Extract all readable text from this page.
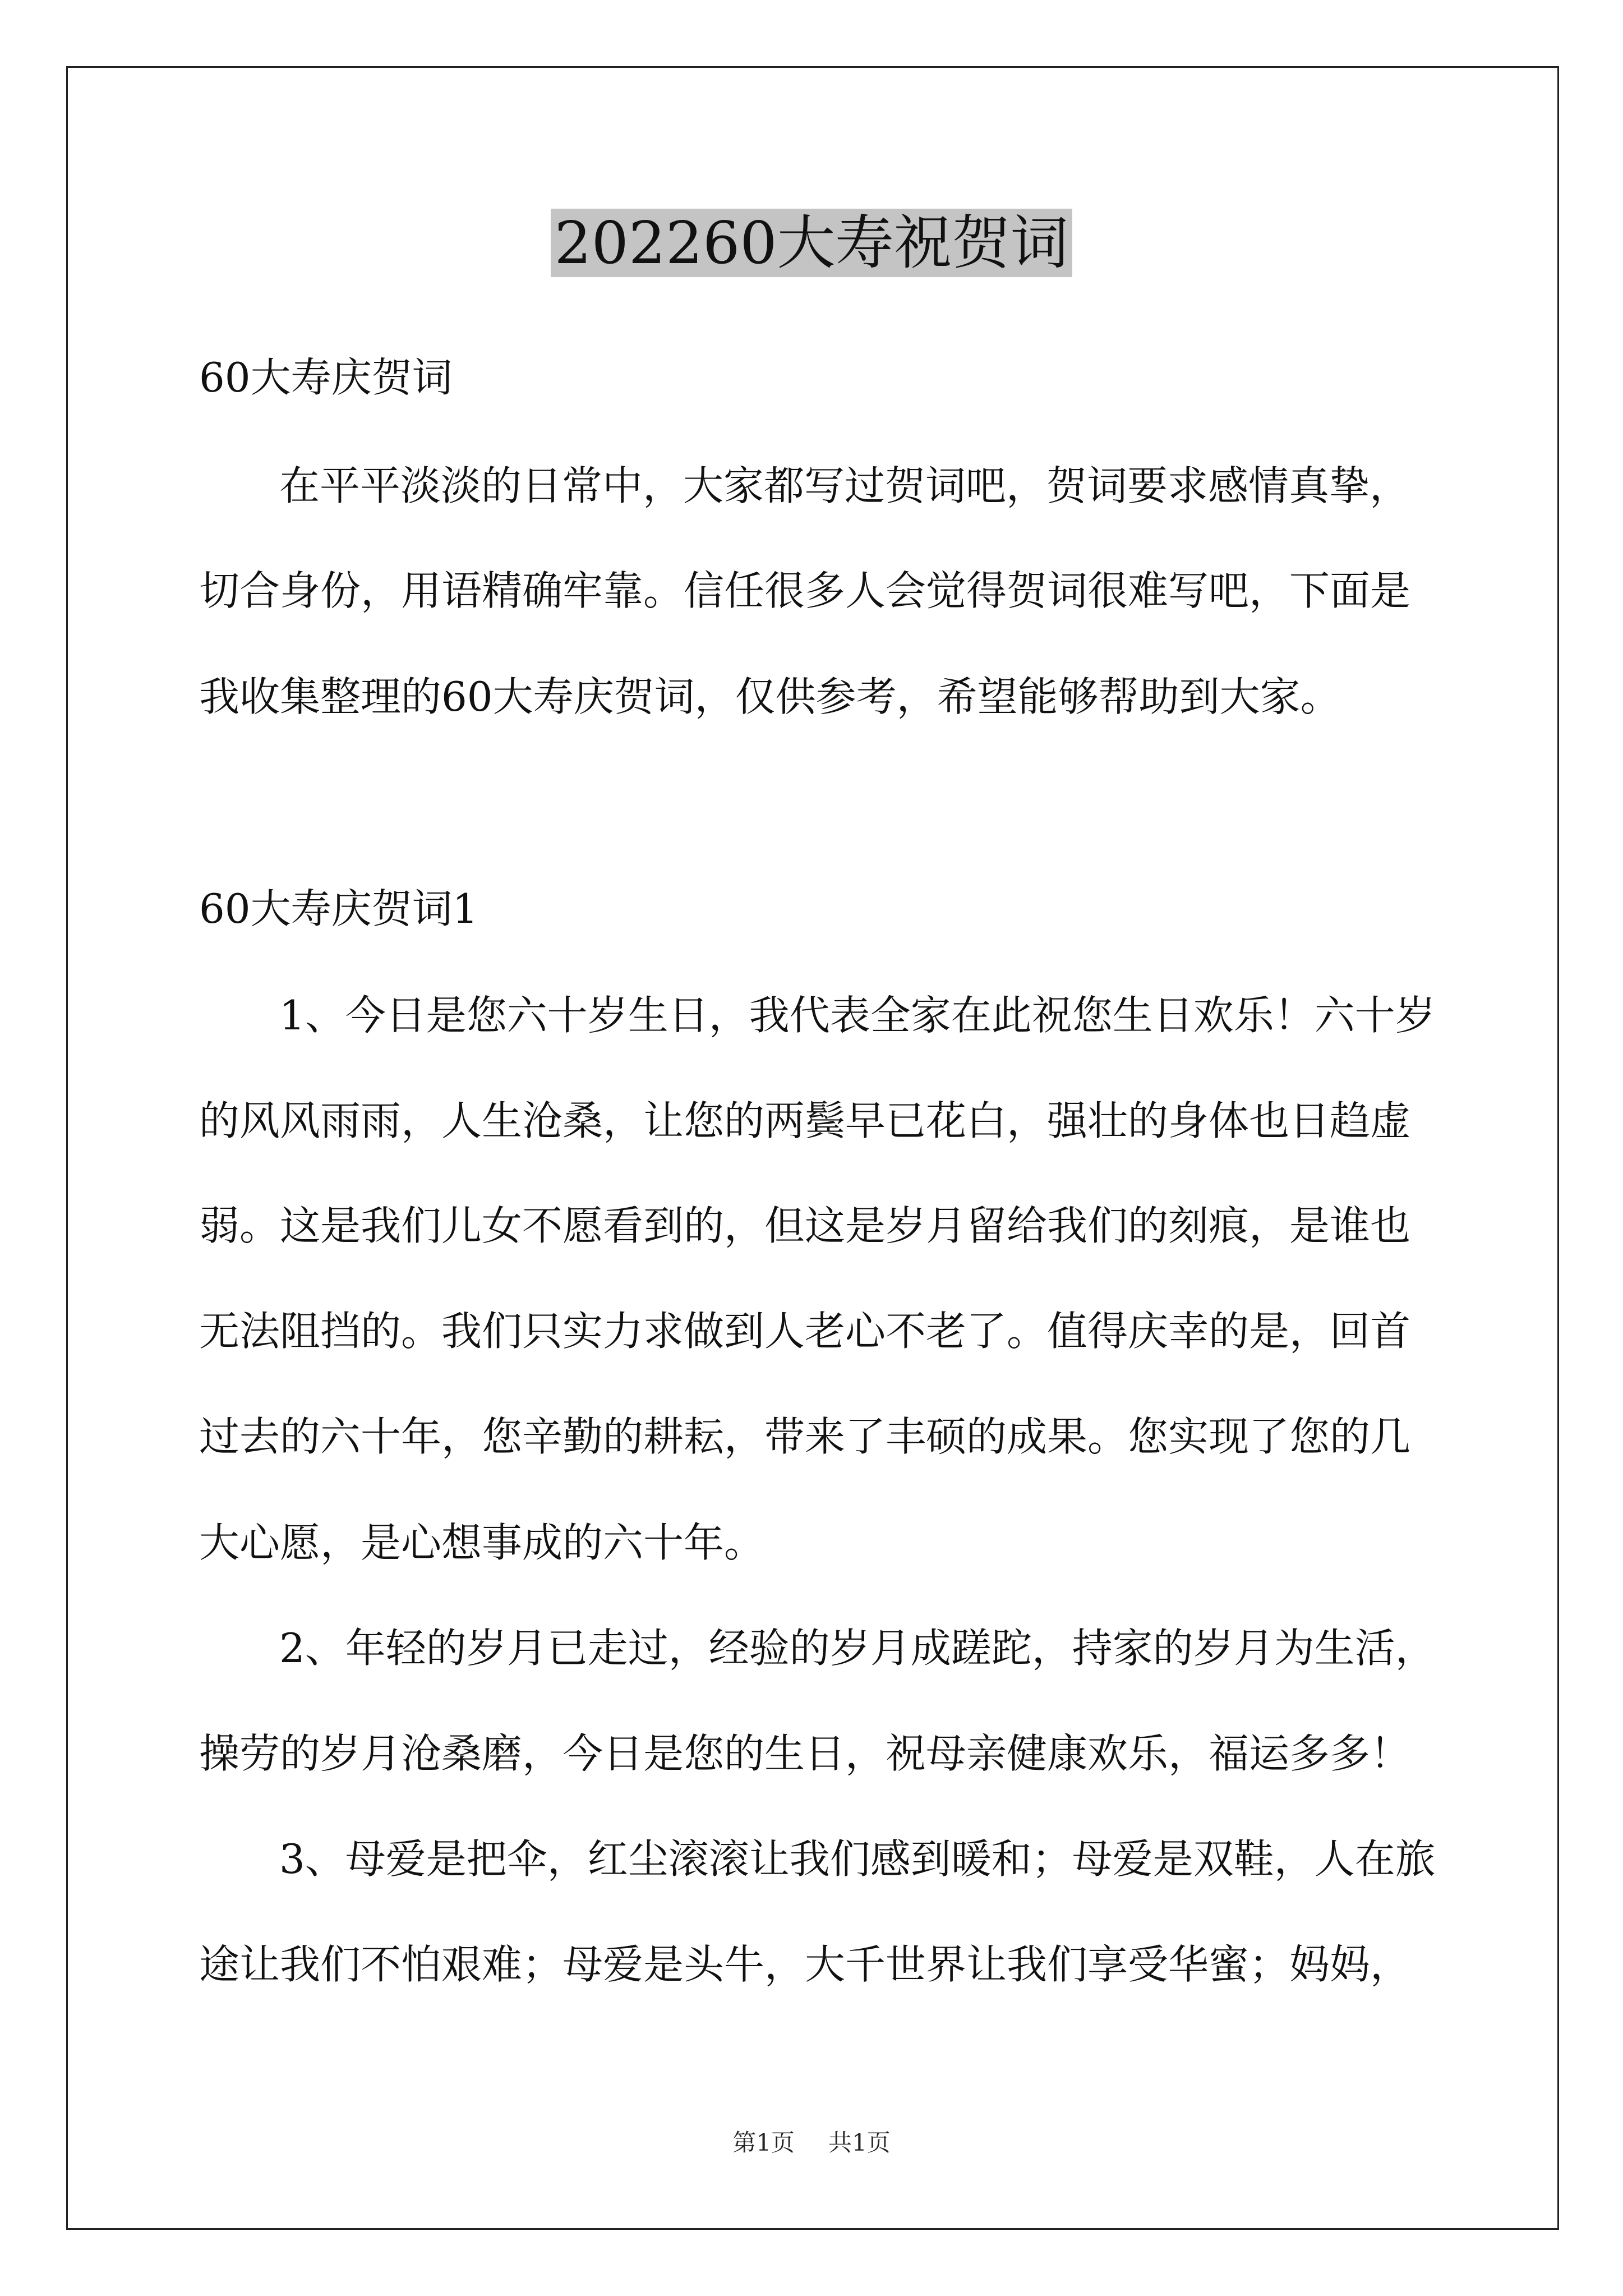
202260大寿祝贺词
60大寿庆贺词
在平平淡淡的日常中，大家都写过贺词吧，贺词要求感情真挚，
切合身份，用语精确牢靠。信任很多人会觉得贺词很难写吧，下面是
我收集整理的60大寿庆贺词，仅供参考，希望能够帮助到大家。
60大寿庆贺词1
1、今日是您六十岁生日，我代表全家在此祝您生日欢乐！六十岁
的风风雨雨，人生沧桑，让您的两鬓早已花白，强壮的身体也日趋虚
弱。这是我们儿女不愿看到的，但这是岁月留给我们的刻痕，是谁也
无法阻挡的。我们只实力求做到人老心不老了。值得庆幸的是，回首
过去的六十年，您辛勤的耕耘，带来了丰硕的成果。您实现了您的几
大心愿，是心想事成的六十年。
2、年轻的岁月已走过，经验的岁月成蹉跎，持家的岁月为生活，
操劳的岁月沧桑磨，今日是您的生日，祝母亲健康欢乐，福运多多！
3、母爱是把伞，红尘滚滚让我们感到暖和；母爱是双鞋，人在旅
途让我们不怕艰难；母爱是头牛，大千世界让我们享受华蜜；妈妈，
第1页 共1页
